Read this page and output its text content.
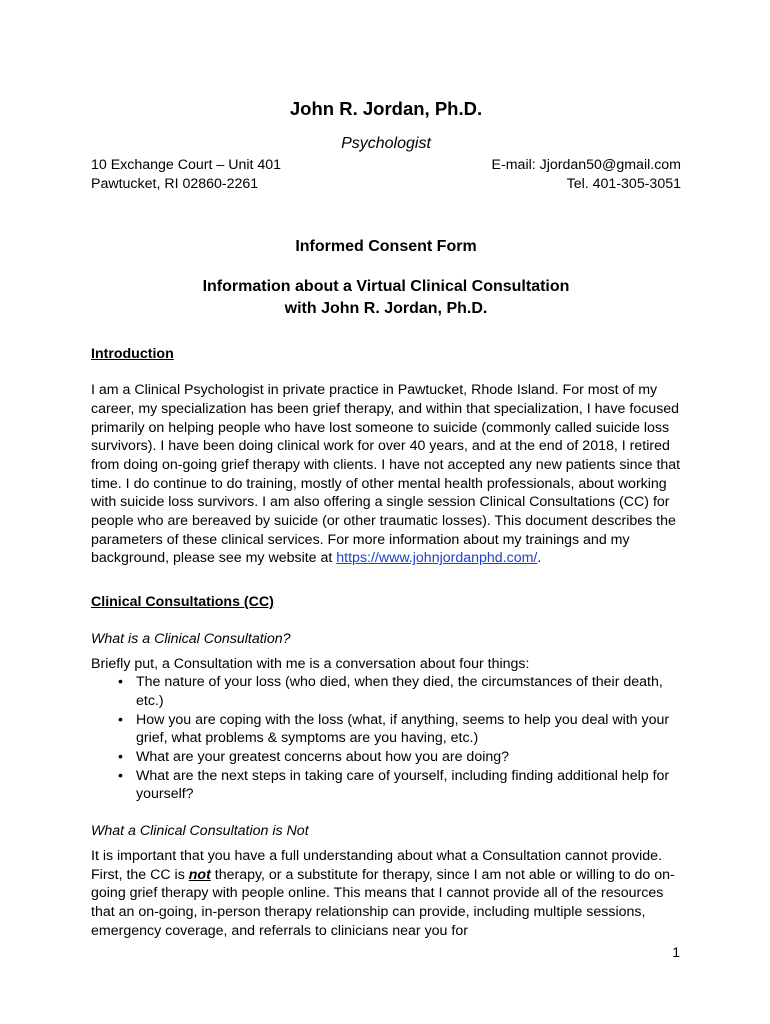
John R. Jordan, Ph.D.
Psychologist
10 Exchange Court – Unit 401
Pawtucket, RI 02860-2261
E-mail: Jjordan50@gmail.com
Tel. 401-305-3051
Informed Consent Form
Information about a Virtual Clinical Consultation
with John R. Jordan, Ph.D.
Introduction

I am a Clinical Psychologist in private practice in Pawtucket, Rhode Island. For most of my career, my specialization has been grief therapy, and within that specialization, I have focused primarily on helping people who have lost someone to suicide (commonly called suicide loss survivors). I have been doing clinical work for over 40 years, and at the end of 2018, I retired from doing on-going grief therapy with clients. I have not accepted any new patients since that time. I do continue to do training, mostly of other mental health professionals, about working with suicide loss survivors. I am also offering a single session Clinical Consultations (CC) for people who are bereaved by suicide (or other traumatic losses). This document describes the parameters of these clinical services. For more information about my trainings and my background, please see my website at https://www.johnjordanphd.com/.

Clinical Consultations (CC)
What is a Clinical Consultation?
Briefly put, a Consultation with me is a conversation about four things:
• The nature of your loss (who died, when they died, the circumstances of their death, etc.)
• How you are coping with the loss (what, if anything, seems to help you deal with your grief, what problems & symptoms are you having, etc.)
• What are your greatest concerns about how you are doing?
• What are the next steps in taking care of yourself, including finding additional help for yourself?
What a Clinical Consultation is Not

It is important that you have a full understanding about what a Consultation cannot provide. First, the CC is not therapy, or a substitute for therapy, since I am not able or willing to do on-going grief therapy with people online. This means that I cannot provide all of the resources that an on-going, in-person therapy relationship can provide, including multiple sessions, emergency coverage, and referrals to clinicians near you for

1
